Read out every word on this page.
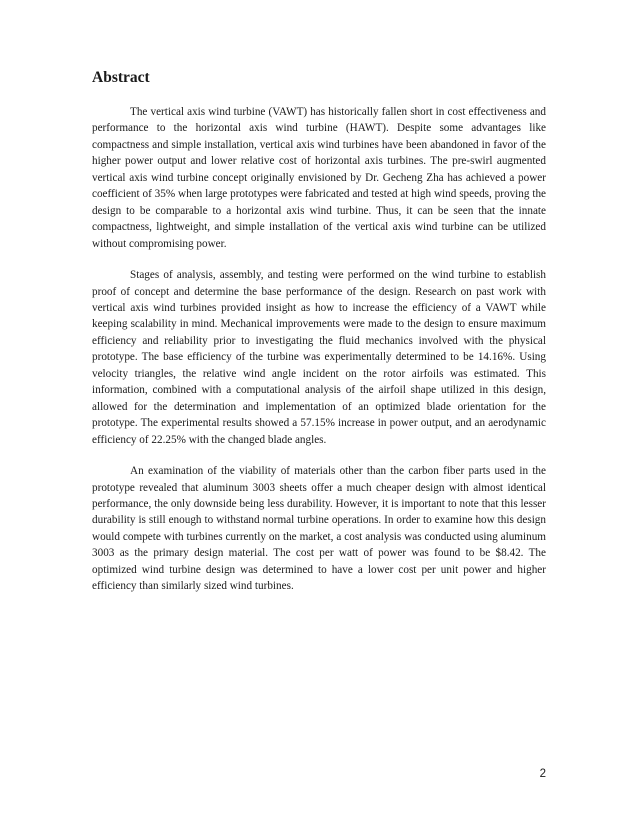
Abstract

The vertical axis wind turbine (VAWT) has historically fallen short in cost effectiveness and performance to the horizontal axis wind turbine (HAWT). Despite some advantages like compactness and simple installation, vertical axis wind turbines have been abandoned in favor of the higher power output and lower relative cost of horizontal axis turbines. The pre-swirl augmented vertical axis wind turbine concept originally envisioned by Dr. Gecheng Zha has achieved a power coefficient of 35% when large prototypes were fabricated and tested at high wind speeds, proving the design to be comparable to a horizontal axis wind turbine. Thus, it can be seen that the innate compactness, lightweight, and simple installation of the vertical axis wind turbine can be utilized without compromising power.

Stages of analysis, assembly, and testing were performed on the wind turbine to establish proof of concept and determine the base performance of the design. Research on past work with vertical axis wind turbines provided insight as how to increase the efficiency of a VAWT while keeping scalability in mind. Mechanical improvements were made to the design to ensure maximum efficiency and reliability prior to investigating the fluid mechanics involved with the physical prototype. The base efficiency of the turbine was experimentally determined to be 14.16%. Using velocity triangles, the relative wind angle incident on the rotor airfoils was estimated. This information, combined with a computational analysis of the airfoil shape utilized in this design, allowed for the determination and implementation of an optimized blade orientation for the prototype. The experimental results showed a 57.15% increase in power output, and an aerodynamic efficiency of 22.25% with the changed blade angles.

An examination of the viability of materials other than the carbon fiber parts used in the prototype revealed that aluminum 3003 sheets offer a much cheaper design with almost identical performance, the only downside being less durability. However, it is important to note that this lesser durability is still enough to withstand normal turbine operations. In order to examine how this design would compete with turbines currently on the market, a cost analysis was conducted using aluminum 3003 as the primary design material. The cost per watt of power was found to be $8.42. The optimized wind turbine design was determined to have a lower cost per unit power and higher efficiency than similarly sized wind turbines.

2
